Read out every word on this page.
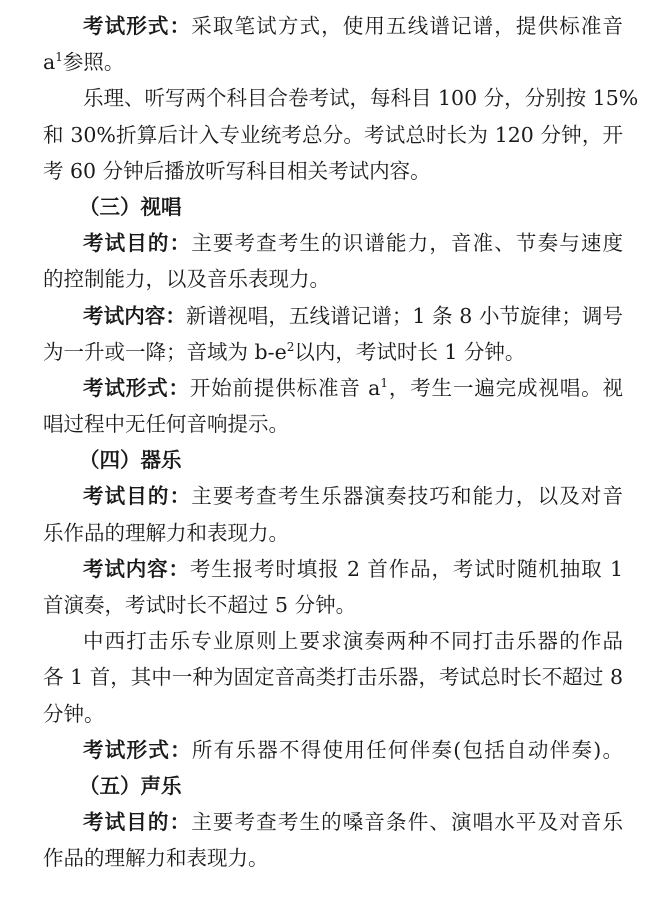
考试形式：采取笔试方式，使用五线谱记谱，提供标准音
$a^1$参照。
乐理、听写两个科目合卷考试，每科目 100 分，分别按 15%
和 30%折算后计入专业统考总分。考试总时长为 120 分钟，开
考 60 分钟后播放听写科目相关考试内容。
（三）视唱
考试目的：主要考查考生的识谱能力，音准、节奏与速度
的控制能力，以及音乐表现力。
考试内容：新谱视唱，五线谱记谱；1 条 8 小节旋律；调号
为一升或一降；音域为 $b-e^2$以内，考试时长 1 分钟。
考试形式：开始前提供标准音 $a^1$，考生一遍完成视唱。视
唱过程中无任何音响提示。
（四）器乐
考试目的：主要考查考生乐器演奏技巧和能力，以及对音
乐作品的理解力和表现力。
考试内容：考生报考时填报 2 首作品，考试时随机抽取 1
首演奏，考试时长不超过 5 分钟。
中西打击乐专业原则上要求演奏两种不同打击乐器的作品
各 1 首，其中一种为固定音高类打击乐器，考试总时长不超过 8
分钟。
考试形式：所有乐器不得使用任何伴奏(包括自动伴奏)。
（五）声乐
考试目的：主要考查考生的嗓音条件、演唱水平及对音乐
作品的理解力和表现力。
